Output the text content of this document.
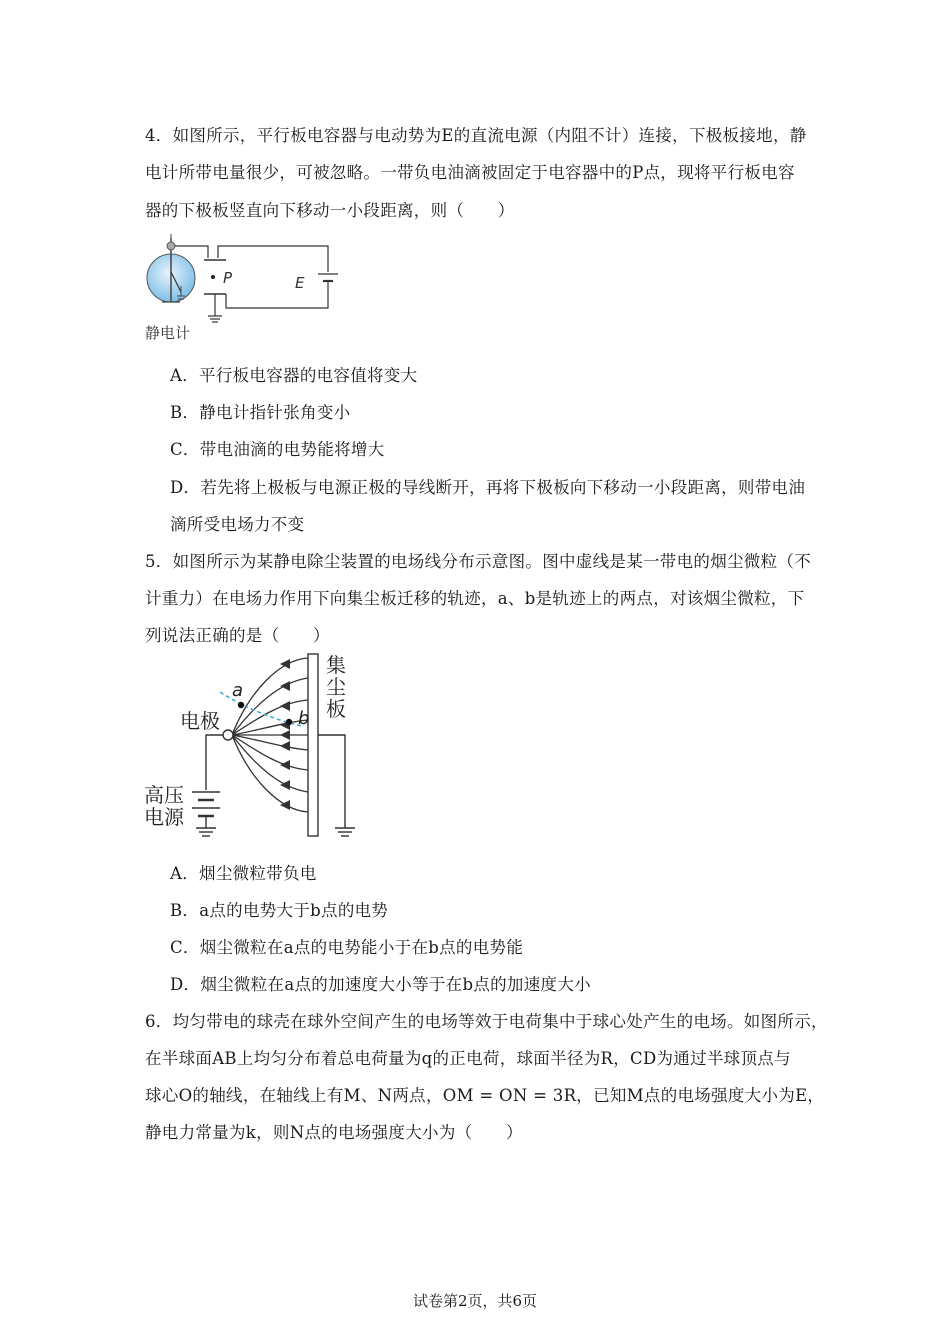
4．如图所示，平行板电容器与电动势为E的直流电源（内阻不计）连接，下极板接地，静
电计所带电量很少，可被忽略。一带负电油滴被固定于电容器中的P点，现将平行板电容
器的下极板竖直向下移动一小段距离，则（　　）
静电计
P	E
A．平行板电容器的电容值将变大
B．静电计指针张角变小
C．带电油滴的电势能将增大
D．若先将上极板与电源正极的导线断开，再将下极板向下移动一小段距离，则带电油
滴所受电场力不变
5．如图所示为某静电除尘装置的电场线分布示意图。图中虚线是某一带电的烟尘微粒（不
计重力）在电场力作用下向集尘板迁移的轨迹，a、b是轨迹上的两点，对该烟尘微粒，下
列说法正确的是（　　）
a
b
电极
集
尘
板
高压
电源
A．烟尘微粒带负电
B．a点的电势大于b点的电势
C．烟尘微粒在a点的电势能小于在b点的电势能
D．烟尘微粒在a点的加速度大小等于在b点的加速度大小
6．均匀带电的球壳在球外空间产生的电场等效于电荷集中于球心处产生的电场。如图所示，
在半球面AB上均匀分布着总电荷量为q的正电荷，球面半径为R，CD为通过半球顶点与
球心O的轴线，在轴线上有M、N两点，OM = ON = 3R，已知M点的电场强度大小为E，
静电力常量为k，则N点的电场强度大小为（　　）
试卷第2页，共6页
